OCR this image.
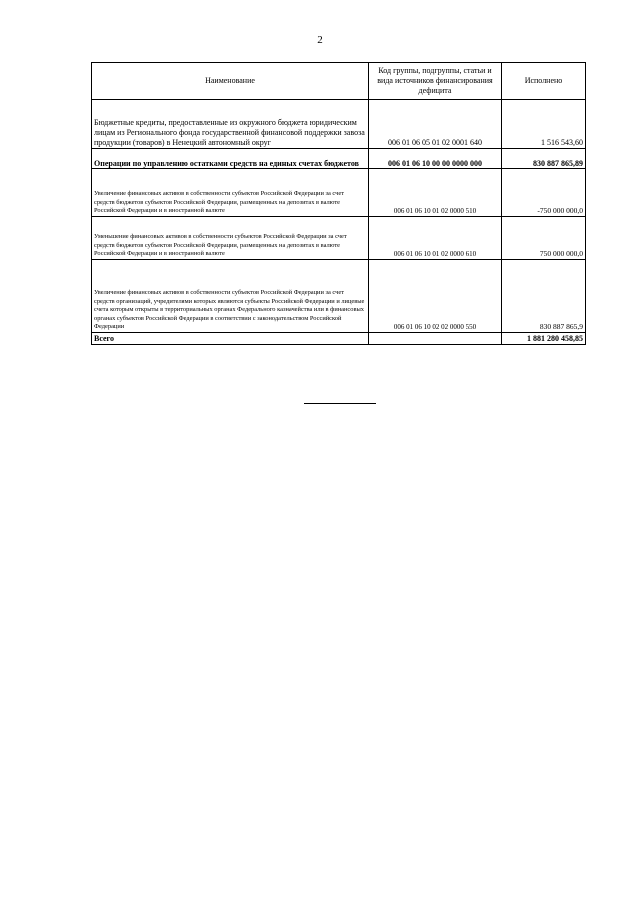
2
Наименование	Код группы, подгруппы, статьи и вида источников финансирования дефицита	Исполнено
Бюджетные кредиты, предоставленные из окружного бюджета юридическим лицам из Регионального фонда государственной финансовой поддержки завоза продукции (товаров) в Ненецкий автономный округ	006 01 06 05 01 02 0001 640	1 516 543,60
Операции по управлению остатками средств на единых счетах бюджетов	006 01 06 10 00 00 0000 000	830 887 865,89
Увеличение финансовых активов в собственности субъектов Российской Федерации за счет средств бюджетов субъектов Российской Федерации, размещенных на депозитах в валюте Российской Федерации и в иностранной валюте	006 01 06 10 01 02 0000 510	-750 000 000,0
Уменьшение финансовых активов в собственности субъектов Российской Федерации за счет средств бюджетов субъектов Российской Федерации, размещенных на депозитах в валюте Российской Федерации и в иностранной валюте	006 01 06 10 01 02 0000 610	750 000 000,0
Увеличение финансовых активов в собственности субъектов Российской Федерации за счет средств организаций, учредителями которых являются субъекты Российской Федерации и лицевые счета которым открыты в территориальных органах Федерального казначейства или в финансовых органах субъектов Российской Федерации в соответствии с законодательством Российской Федерации	006 01 06 10 02 02 0000 550	830 887 865,9
Всего		1 881 280 458,85
